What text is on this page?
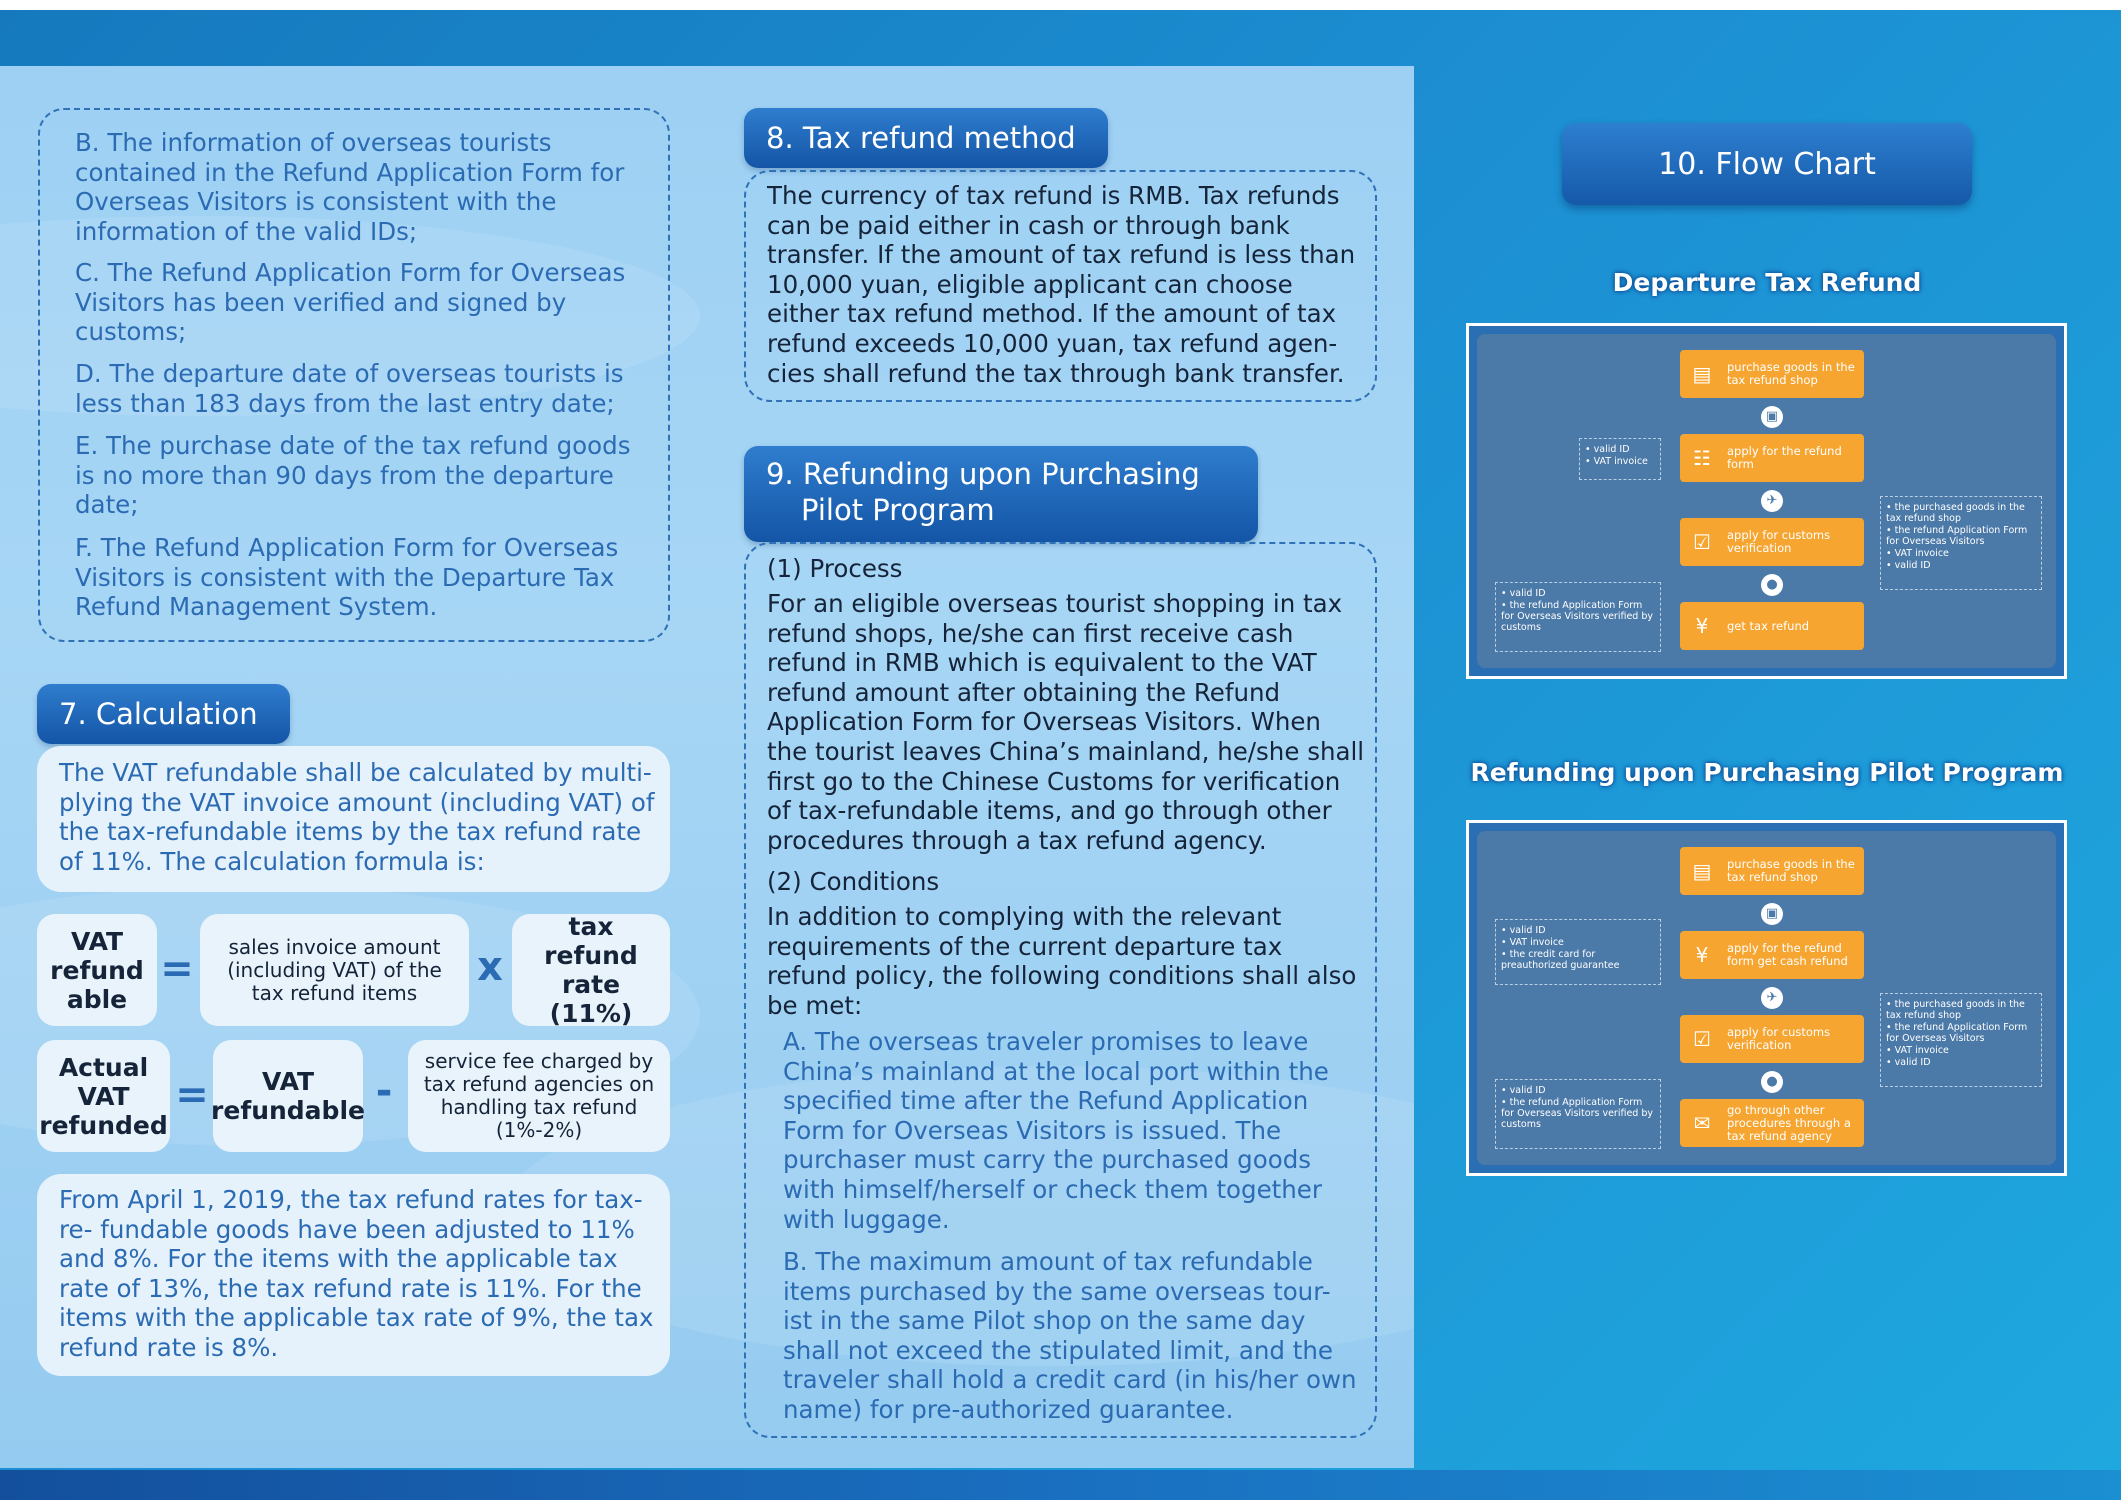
B. The information of overseas tourists contained in the Refund Application Form for Overseas Visitors is consistent with the information of the valid IDs;

C. The Refund Application Form for Overseas Visitors has been verified and signed by customs;

D. The departure date of overseas tourists is less than 183 days from the last entry date;

E. The purchase date of the tax refund goods is no more than 90 days from the departure date;

F. The Refund Application Form for Overseas Visitors is consistent with the Departure Tax Refund Management System.

7. Calculation

The VAT refundable shall be calculated by multi- plying the VAT invoice amount (including VAT) of the tax-refundable items by the tax refund rate of 11%. The calculation formula is:

VAT refund able
=	sales invoice amount (including VAT) of the tax refund items
x
tax refund rate (11%)
Actual VAT refunded
=	VAT refundable -
service fee charged by tax refund agencies on handling tax refund (1%-2%)

From April 1, 2019, the tax refund rates for tax-re- fundable goods have been adjusted to 11% and 8%. For the items with the applicable tax rate of 13%, the tax refund rate is 11%. For the items with the applicable tax rate of 9%, the tax refund rate is 8%.

8. Tax refund method

The currency of tax refund is RMB. Tax refunds can be paid either in cash or through bank transfer. If the amount of tax refund is less than 10,000 yuan, eligible applicant can choose either tax refund method. If the amount of tax refund exceeds 10,000 yuan, tax refund agen- cies shall refund the tax through bank transfer.

9. Refunding upon Purchasing
Pilot Program

(1) Process

For an eligible overseas tourist shopping in tax refund shops, he/she can first receive cash refund in RMB which is equivalent to the VAT refund amount after obtaining the Refund Application Form for Overseas Visitors. When the tourist leaves China’s mainland, he/she shall first go to the Chinese Customs for verification of tax-refundable items, and go through other procedures through a tax refund agency.

(2) Conditions

In addition to complying with the relevant requirements of the current departure tax refund policy, the following conditions shall also be met:

A. The overseas traveler promises to leave China’s mainland at the local port within the specified time after the Refund Application Form for Overseas Visitors is issued. The purchaser must carry the purchased goods with himself/herself or check them together with luggage.

B. The maximum amount of tax refundable items purchased by the same overseas tour- ist in the same Pilot shop on the same day shall not exceed the stipulated limit, and the traveler shall hold a credit card (in his/her own name) for pre-authorized guarantee.

10. Flow Chart
Departure Tax Refund
▤	purchase goods in the tax refund shop
▣
☷	apply for the refund form
✈
☑	apply for customs verification
●
¥	get tax refund
• valid ID
• VAT invoice
• the purchased goods in the tax refund shop
• the refund Application Form for Overseas Visitors
• VAT invoice
• valid ID
• valid ID
• the refund Application Form for Overseas Visitors verified by customs
Refunding upon Purchasing Pilot Program
▤	purchase goods in the tax refund shop
▣
¥	apply for the refund form get cash refund
✈
☑	apply for customs verification
●
✉
go through other procedures through a tax refund agency
• valid ID
• VAT invoice
• the credit card for preauthorized guarantee
• the purchased goods in the tax refund shop
• the refund Application Form for Overseas Visitors
• VAT invoice
• valid ID
• valid ID
• the refund Application Form for Overseas Visitors verified by customs
